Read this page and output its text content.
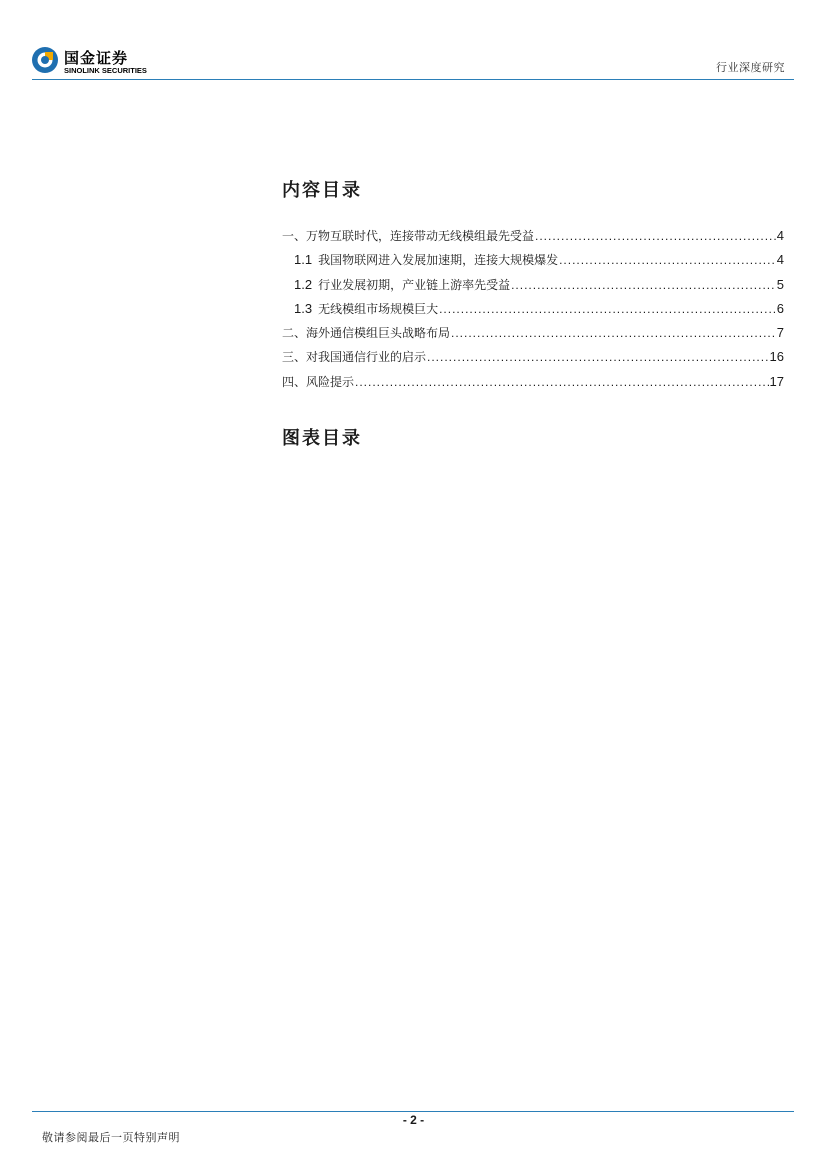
国金证券
SINOLINK SECURITIES	行业深度研究
内容目录
一、万物互联时代，连接带动无线模组最先受益 .....	4
1.1 我国物联网进入发展加速期，连接大规模爆发 .....	4
1.2 行业发展初期，产业链上游率先受益 .....	5
1.3 无线模组市场规模巨大 .....	6
二、海外通信模组巨头战略布局 .....	7
三、对我国通信行业的启示 .....	16
四、风险提示 .....	17
图表目录
- 2 -
敬请参阅最后一页特别声明
